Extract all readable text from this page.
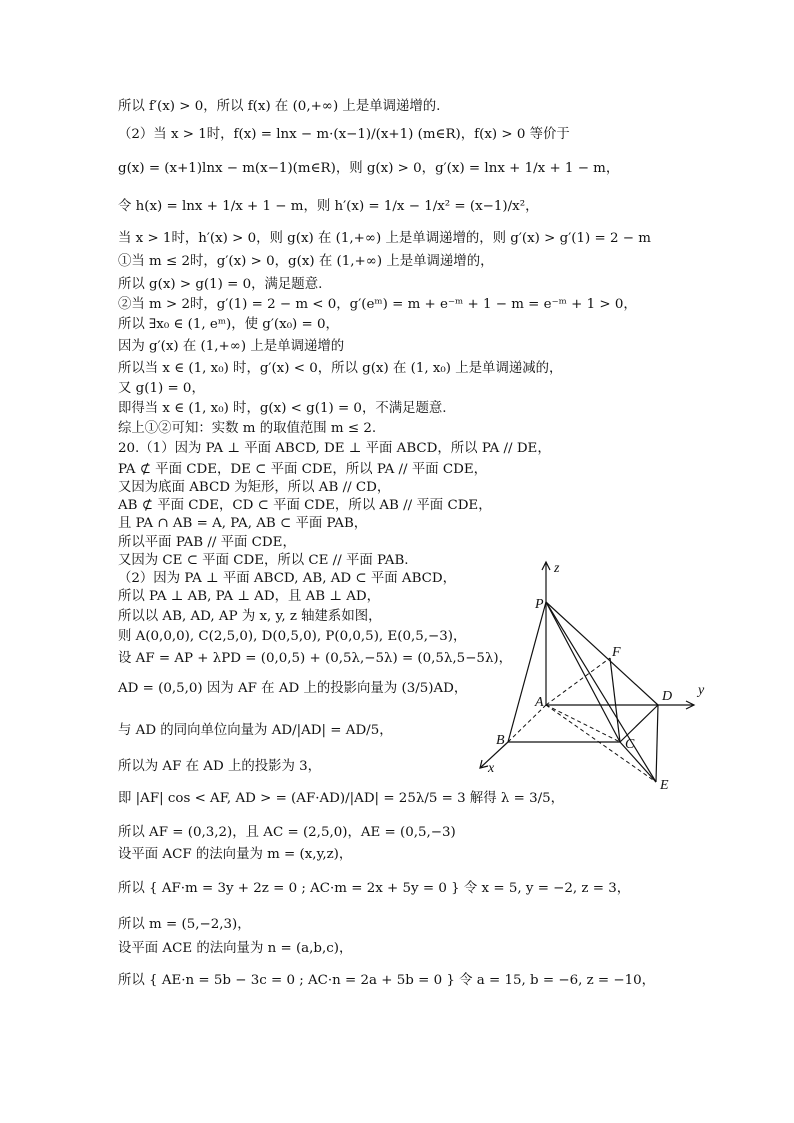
所以 f′(x) > 0，所以 f(x) 在 (0,+∞) 上是单调递增的.
（2）当 x > 1时，f(x) = lnx − m·(x−1)/(x+1) (m∈R)，f(x) > 0 等价于
g(x) = (x+1)lnx − m(x−1)(m∈R)，则 g(x) > 0，g′(x) = lnx + 1/x + 1 − m，
令 h(x) = lnx + 1/x + 1 − m，则 h′(x) = 1/x − 1/x² = (x−1)/x²，
当 x > 1时，h′(x) > 0，则 g(x) 在 (1,+∞) 上是单调递增的，则 g′(x) > g′(1) = 2 − m
①当 m ≤ 2时，g′(x) > 0，g(x) 在 (1,+∞) 上是单调递增的，
所以 g(x) > g(1) = 0，满足题意.
②当 m > 2时，g′(1) = 2 − m < 0，g′(eᵐ) = m + e⁻ᵐ + 1 − m = e⁻ᵐ + 1 > 0，
所以 ∃x₀ ∈ (1, eᵐ)，使 g′(x₀) = 0，
因为 g′(x) 在 (1,+∞) 上是单调递增的
所以当 x ∈ (1, x₀) 时，g′(x) < 0，所以 g(x) 在 (1, x₀) 上是单调递减的，
又 g(1) = 0，
即得当 x ∈ (1, x₀) 时，g(x) < g(1) = 0，不满足题意.
综上①②可知：实数 m 的取值范围 m ≤ 2.
20.（1）因为 PA ⊥ 平面 ABCD, DE ⊥ 平面 ABCD，所以 PA // DE，
PA ⊄ 平面 CDE，DE ⊂ 平面 CDE，所以 PA // 平面 CDE，
又因为底面 ABCD 为矩形，所以 AB // CD，
AB ⊄ 平面 CDE，CD ⊂ 平面 CDE，所以 AB // 平面 CDE，
且 PA ∩ AB = A, PA, AB ⊂ 平面 PAB，
所以平面 PAB // 平面 CDE，
又因为 CE ⊂ 平面 CDE，所以 CE // 平面 PAB.
（2）因为 PA ⊥ 平面 ABCD, AB, AD ⊂ 平面 ABCD，
所以 PA ⊥ AB, PA ⊥ AD，且 AB ⊥ AD，
所以以 AB, AD, AP 为 x, y, z 轴建系如图，
则 A(0,0,0), C(2,5,0), D(0,5,0), P(0,0,5), E(0,5,−3)，
设 AF = AP + λPD = (0,0,5) + (0,5λ,−5λ) = (0,5λ,5−5λ)，
AD = (0,5,0) 因为 AF 在 AD 上的投影向量为 (3/5)AD，
与 AD 的同向单位向量为 AD/|AD| = AD/5，
所以为 AF 在 AD 上的投影为 3，
即 |AF| cos < AF, AD > = (AF·AD)/|AD| = 25λ/5 = 3 解得 λ = 3/5，
所以 AF = (0,3,2)，且 AC = (2,5,0)，AE = (0,5,−3)
设平面 ACF 的法向量为 m = (x,y,z)，
所以 { AF·m = 3y + 2z = 0 ; AC·m = 2x + 5y = 0 } 令 x = 5, y = −2, z = 3，
所以 m = (5,−2,3)，
设平面 ACE 的法向量为 n = (a,b,c)，
所以 { AE·n = 5b − 3c = 0 ; AC·n = 2a + 5b = 0 } 令 a = 15, b = −6, z = −10，
z
P
F
A	D y
B	C
E
x
